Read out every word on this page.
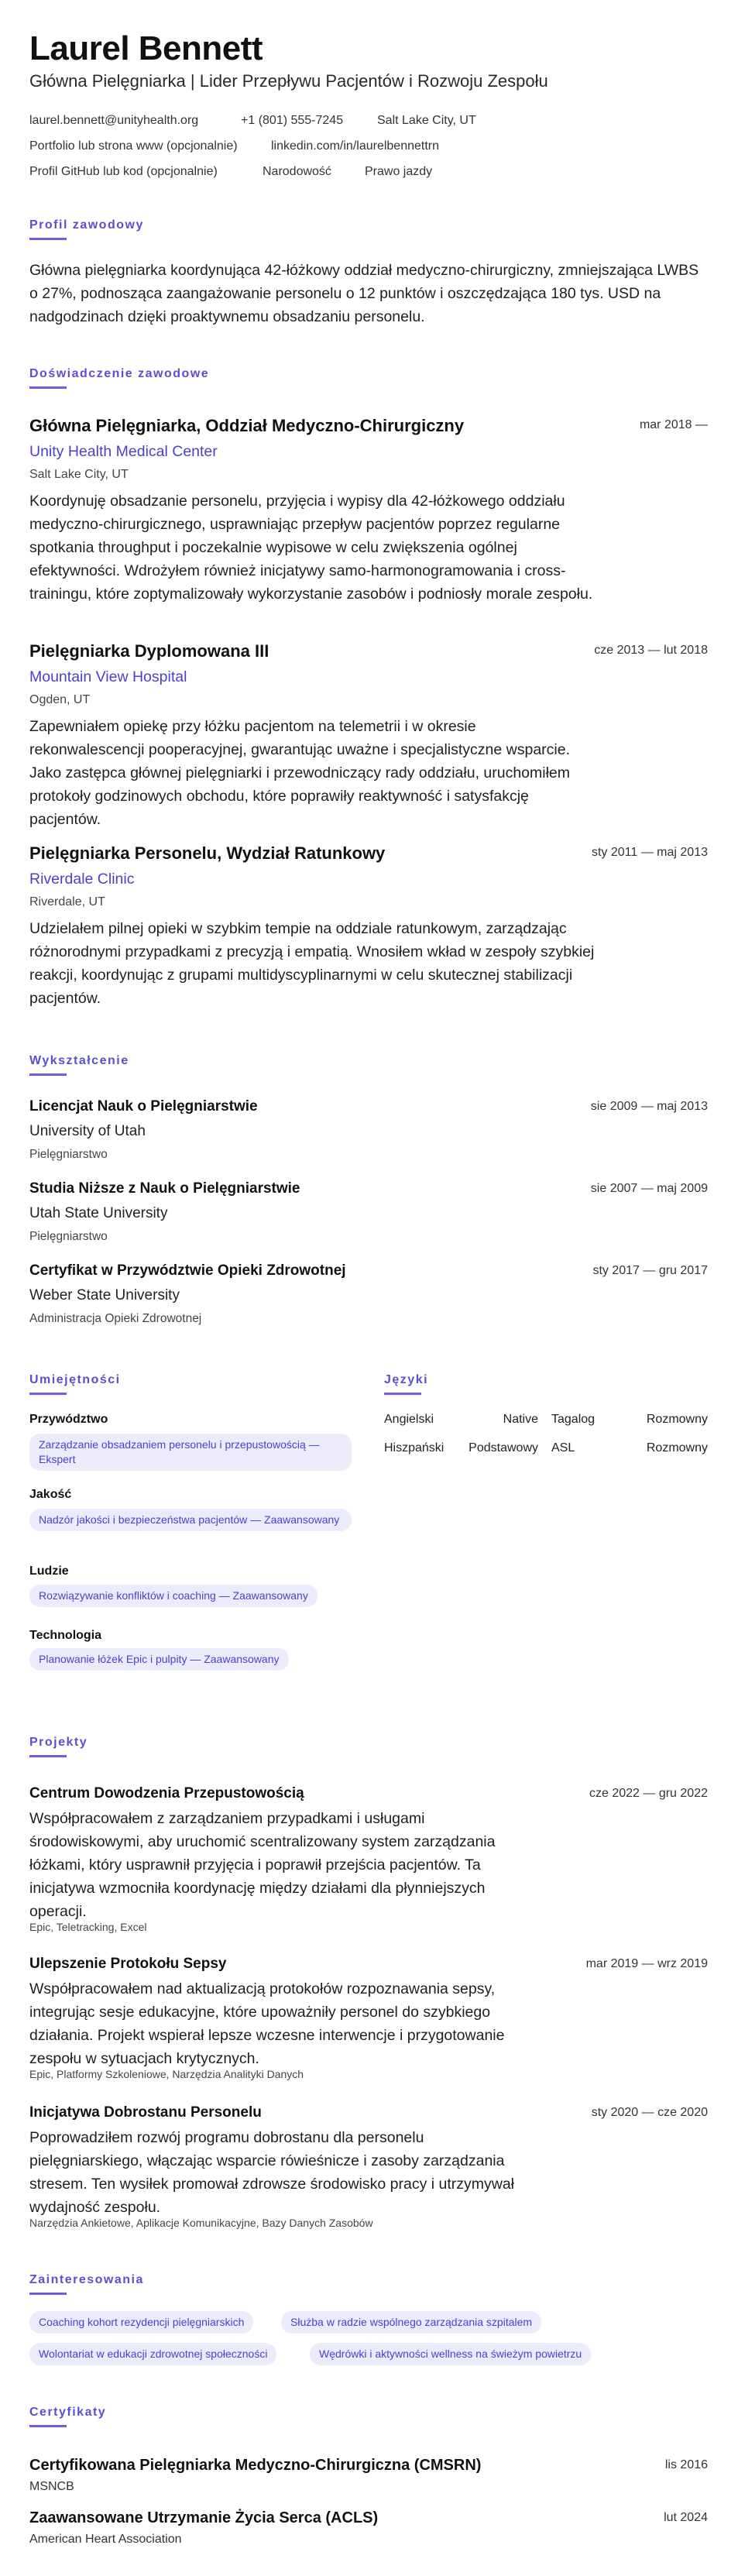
Laurel Bennett
Główna Pielęgniarka | Lider Przepływu Pacjentów i Rozwoju Zespołu
laurel.bennett@unityhealth.org	+1 (801) 555-7245	Salt Lake City, UT
Portfolio lub strona www (opcjonalnie)	linkedin.com/in/laurelbennettrn
Profil GitHub lub kod (opcjonalnie)	Narodowość	Prawo jazdy
Profil zawodowy
Główna pielęgniarka koordynująca 42-łóżkowy oddział medyczno-chirurgiczny, zmniejszająca LWBS o 27%, podnosząca zaangażowanie personelu o 12 punktów i oszczędzająca 180 tys. USD na nadgodzinach dzięki proaktywnemu obsadzaniu personelu.
Doświadczenie zawodowe
Główna Pielęgniarka, Oddział Medyczno-Chirurgiczny	mar 2018 —
Unity Health Medical Center
Salt Lake City, UT
Koordynuję obsadzanie personelu, przyjęcia i wypisy dla 42-łóżkowego oddziału medyczno-chirurgicznego, usprawniając przepływ pacjentów poprzez regularne spotkania throughput i poczekalnie wypisowe w celu zwiększenia ogólnej efektywności. Wdrożyłem również inicjatywy samo-harmonogramowania i cross-trainingu, które zoptymalizowały wykorzystanie zasobów i podniosły morale zespołu.
Pielęgniarka Dyplomowana III	cze 2013 — lut 2018
Mountain View Hospital
Ogden, UT
Zapewniałem opiekę przy łóżku pacjentom na telemetrii i w okresie rekonwalescencji pooperacyjnej, gwarantując uważne i specjalistyczne wsparcie. Jako zastępca głównej pielęgniarki i przewodniczący rady oddziału, uruchomiłem protokoły godzinowych obchodu, które poprawiły reaktywność i satysfakcję pacjentów.
Pielęgniarka Personelu, Wydział Ratunkowy	sty 2011 — maj 2013
Riverdale Clinic
Riverdale, UT
Udzielałem pilnej opieki w szybkim tempie na oddziale ratunkowym, zarządzając różnorodnymi przypadkami z precyzją i empatią. Wnosiłem wkład w zespoły szybkiej reakcji, koordynując z grupami multidyscyplinarnymi w celu skutecznej stabilizacji pacjentów.
Wykształcenie
Licencjat Nauk o Pielęgniarstwie	sie 2009 — maj 2013
University of Utah
Pielęgniarstwo
Studia Niższe z Nauk o Pielęgniarstwie	sie 2007 — maj 2009
Utah State University
Pielęgniarstwo
Certyfikat w Przywództwie Opieki Zdrowotnej	sty 2017 — gru 2017
Weber State University
Administracja Opieki Zdrowotnej
Umiejętności
Przywództwo
Zarządzanie obsadzaniem personelu i przepustowością — Ekspert
Jakość
Nadzór jakości i bezpieczeństwa pacjentów — Zaawansowany
Ludzie
Rozwiązywanie konfliktów i coaching — Zaawansowany
Technologia
Planowanie łóżek Epic i pulpity — Zaawansowany
Języki
Angielski	Native Tagalog	Rozmowny
Hiszpański	Podstawowy ASL	Rozmowny
Projekty
Centrum Dowodzenia Przepustowością	cze 2022 — gru 2022
Współpracowałem z zarządzaniem przypadkami i usługami środowiskowymi, aby uruchomić scentralizowany system zarządzania łóżkami, który usprawnił przyjęcia i poprawił przejścia pacjentów. Ta inicjatywa wzmocniła koordynację między działami dla płynniejszych operacji.
Epic, Teletracking, Excel
Ulepszenie Protokołu Sepsy	mar 2019 — wrz 2019
Współpracowałem nad aktualizacją protokołów rozpoznawania sepsy, integrując sesje edukacyjne, które upoważniły personel do szybkiego działania. Projekt wspierał lepsze wczesne interwencje i przygotowanie zespołu w sytuacjach krytycznych.
Epic, Platformy Szkoleniowe, Narzędzia Analityki Danych
Inicjatywa Dobrostanu Personelu	sty 2020 — cze 2020
Poprowadziłem rozwój programu dobrostanu dla personelu pielęgniarskiego, włączając wsparcie rówieśnicze i zasoby zarządzania stresem. Ten wysiłek promował zdrowsze środowisko pracy i utrzymywał wydajność zespołu.
Narzędzia Ankietowe, Aplikacje Komunikacyjne, Bazy Danych Zasobów
Zainteresowania
Coaching kohort rezydencji pielęgniarskich	Służba w radzie wspólnego zarządzania szpitalem
Wolontariat w edukacji zdrowotnej społeczności	Wędrówki i aktywności wellness na świeżym powietrzu
Certyfikaty
Certyfikowana Pielęgniarka Medyczno-Chirurgiczna (CMSRN)	lis 2016
MSNCB
Zaawansowane Utrzymanie Życia Serca (ACLS)	lut 2024
American Heart Association
